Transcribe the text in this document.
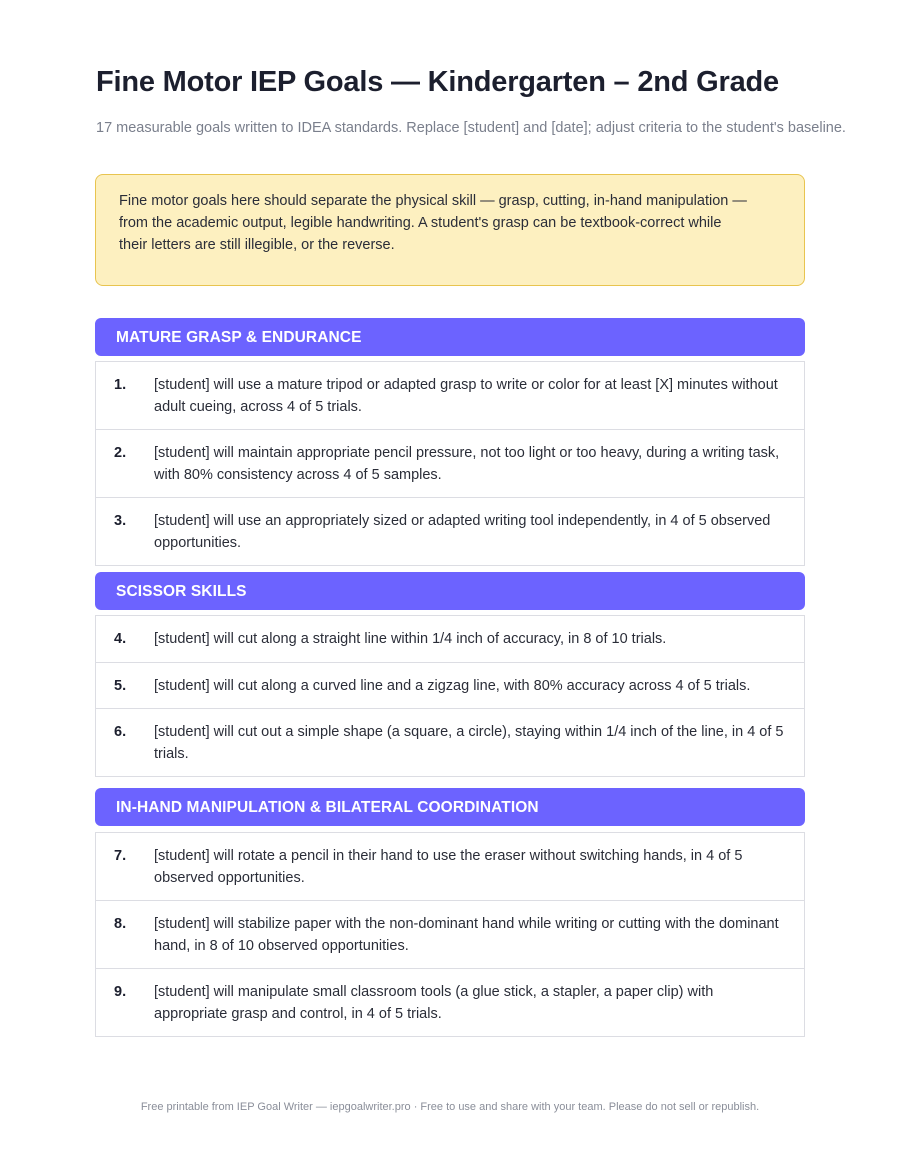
Fine Motor IEP Goals — Kindergarten – 2nd Grade

17 measurable goals written to IDEA standards. Replace [student] and [date]; adjust criteria to the student's baseline.

Fine motor goals here should separate the physical skill — grasp, cutting, in-hand manipulation —
from the academic output, legible handwriting. A student's grasp can be textbook-correct while
their letters are still illegible, or the reverse.
MATURE GRASP & ENDURANCE
1.	[student] will use a mature tripod or adapted grasp to write or color for at least [X] minutes without adult cueing, across 4 of 5 trials.
2.	[student] will maintain appropriate pencil pressure, not too light or too heavy, during a writing task, with 80% consistency across 4 of 5 samples.
3.	[student] will use an appropriately sized or adapted writing tool independently, in 4 of 5 observed opportunities.
SCISSOR SKILLS
4.	[student] will cut along a straight line within 1/4 inch of accuracy, in 8 of 10 trials.
5.	[student] will cut along a curved line and a zigzag line, with 80% accuracy across 4 of 5 trials.
6.	[student] will cut out a simple shape (a square, a circle), staying within 1/4 inch of the line, in 4 of 5 trials.
IN-HAND MANIPULATION & BILATERAL COORDINATION
7.	[student] will rotate a pencil in their hand to use the eraser without switching hands, in 4 of 5 observed opportunities.
8.	[student] will stabilize paper with the non-dominant hand while writing or cutting with the dominant hand, in 8 of 10 observed opportunities.
9.	[student] will manipulate small classroom tools (a glue stick, a stapler, a paper clip) with appropriate grasp and control, in 4 of 5 trials.

Free printable from IEP Goal Writer — iepgoalwriter.pro · Free to use and share with your team. Please do not sell or republish.
